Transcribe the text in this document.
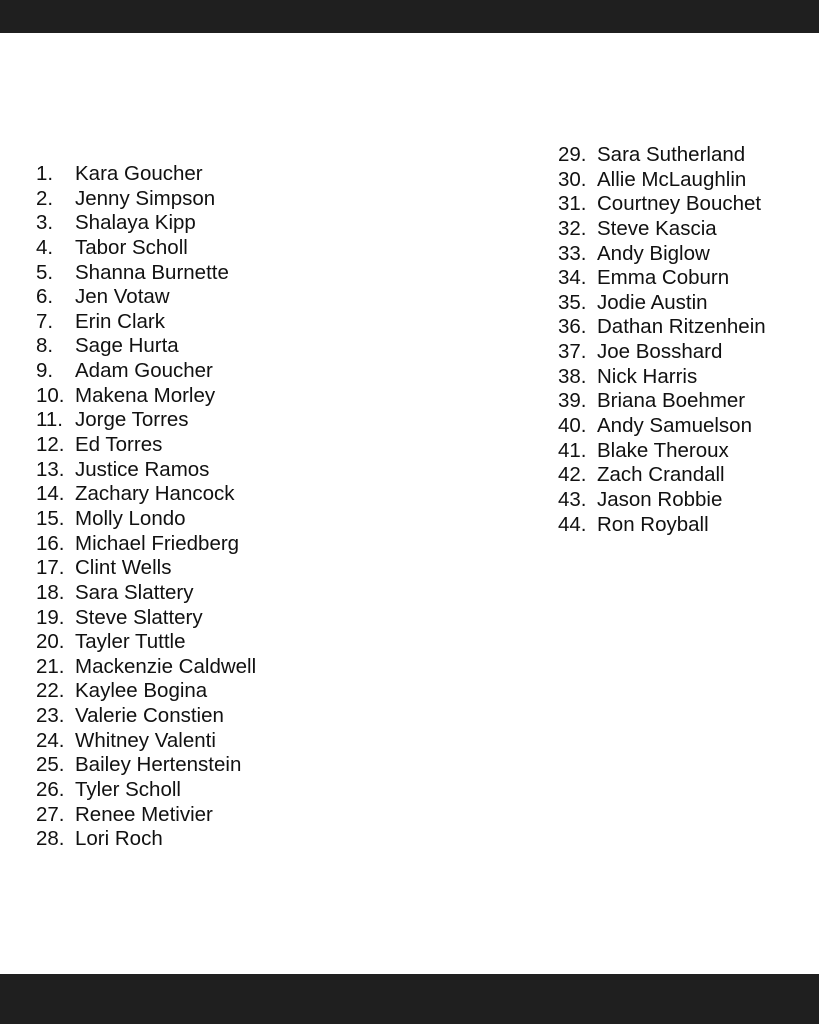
1.	Kara Goucher
2.	Jenny Simpson
3.	Shalaya Kipp
4.	Tabor Scholl
5.	Shanna Burnette
6.	Jen Votaw
7.	Erin Clark
8.	Sage Hurta
9.	Adam Goucher
10. Makena Morley
11. Jorge Torres
12. Ed Torres
13. Justice Ramos
14. Zachary Hancock
15. Molly Londo
16. Michael Friedberg
17. Clint Wells
18. Sara Slattery
19. Steve Slattery
20. Tayler Tuttle
21. Mackenzie Caldwell
22. Kaylee Bogina
23. Valerie Constien
24. Whitney Valenti
25. Bailey Hertenstein
26. Tyler Scholl
27. Renee Metivier
28. Lori Roch
29. Sara Sutherland
30. Allie McLaughlin
31. Courtney Bouchet
32. Steve Kascia
33. Andy Biglow
34. Emma Coburn
35. Jodie Austin
36. Dathan Ritzenhein
37. Joe Bosshard
38. Nick Harris
39. Briana Boehmer
40. Andy Samuelson
41. Blake Theroux
42. Zach Crandall
43. Jason Robbie
44. Ron Royball
